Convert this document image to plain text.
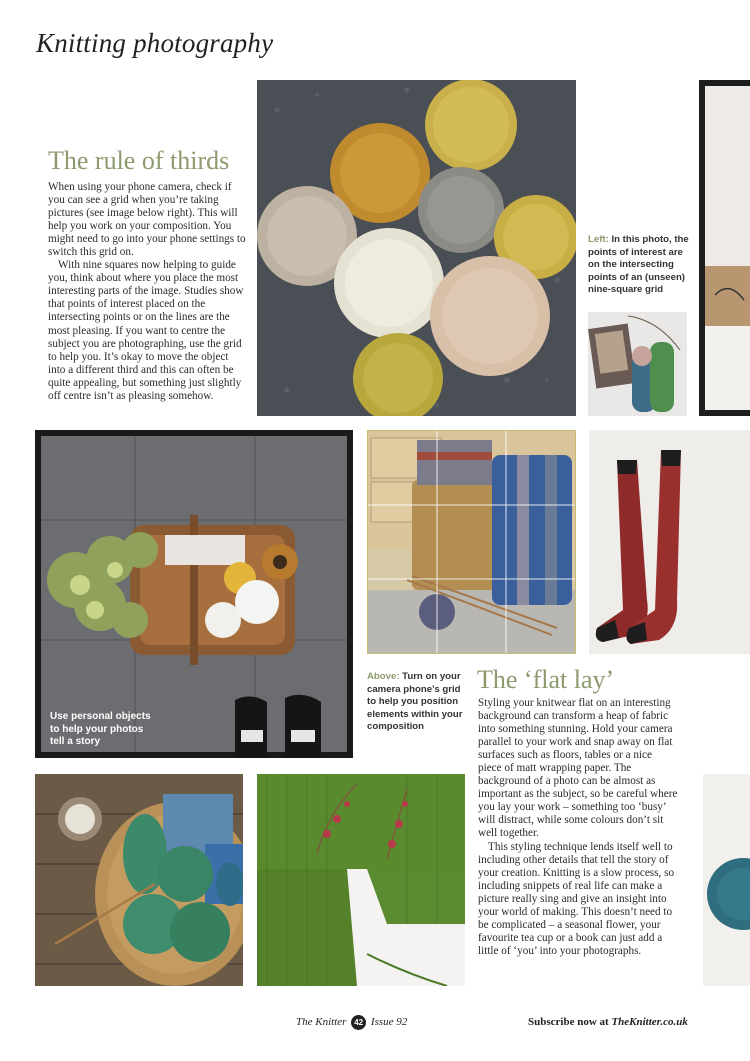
Knitting photography
The rule of thirds

When using your phone camera, check if you can see a grid when you’re taking pictures (see image below right). This will help you work on your composition. You might need to go into your phone settings to switch this grid on.

With nine squares now helping to guide you, think about where you place the most interesting parts of the image. Studies show that points of interest placed on the intersecting points or on the lines are the most pleasing. If you want to centre the subject you are photographing, use the grid to help you. It’s okay to move the object into a different third and this can often be quite appealing, but something just slightly off centre isn’t as pleasing somehow.

Left: In this photo, the points of interest are on the intersecting points of an (unseen) nine-square grid
Use personal objects to help your photos tell a story
Above: Turn on your camera phone’s grid to help you position elements within your composition
The ‘flat lay’

Styling your knitwear flat on an interesting background can transform a heap of fabric into something stunning. Hold your camera parallel to your work and snap away on flat surfaces such as floors, tables or a nice piece of matt wrapping paper. The background of a photo can be almost as important as the subject, so be careful where you lay your work – something too ‘busy’ will distract, while some colours don’t sit well together.

This styling technique lends itself well to including other details that tell the story of your creation. Knitting is a slow process, so including snippets of real life can make a picture really sing and give an insight into your world of making. This doesn’t need to be complicated – a seasonal flower, your favourite tea cup or a book can just add a little of ‘you’ into your photographs.

The Knitter 42 Issue 92	Subscribe now at TheKnitter.co.uk
